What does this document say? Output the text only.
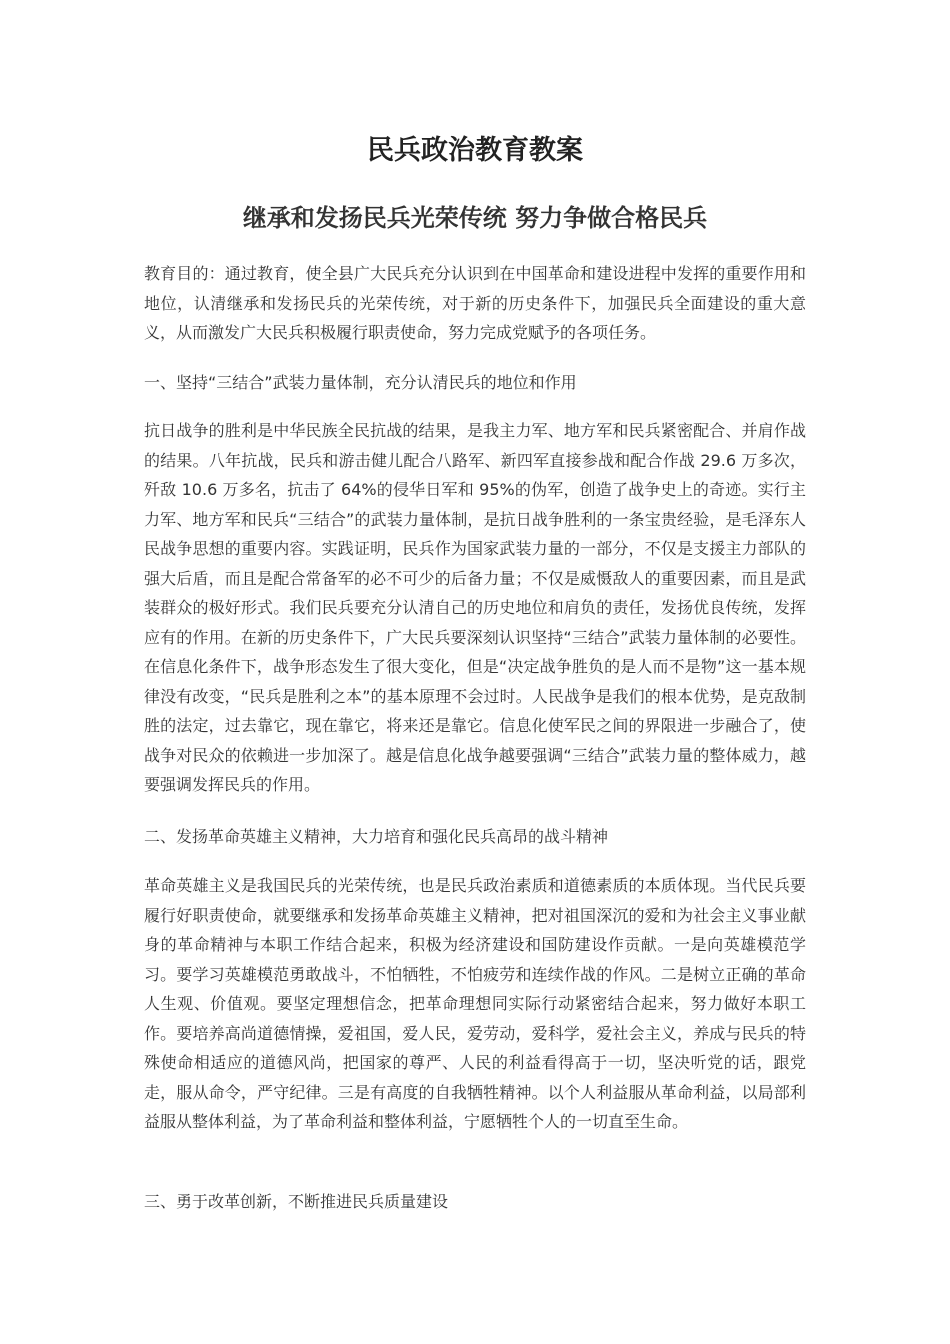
民兵政治教育教案
继承和发扬民兵光荣传统 努力争做合格民兵

教育目的：通过教育，使全县广大民兵充分认识到在中国革命和建设进程中发挥的重要作用和地位，认清继承和发扬民兵的光荣传统，对于新的历史条件下，加强民兵全面建设的重大意义，从而激发广大民兵积极履行职责使命，努力完成党赋予的各项任务。

一、坚持“三结合”武装力量体制，充分认清民兵的地位和作用

抗日战争的胜利是中华民族全民抗战的结果，是我主力军、地方军和民兵紧密配合、并肩作战的结果。八年抗战，民兵和游击健儿配合八路军、新四军直接参战和配合作战 29.6 万多次，歼敌 10.6 万多名，抗击了 64%的侵华日军和 95%的伪军，创造了战争史上的奇迹。实行主力军、地方军和民兵“三结合”的武装力量体制，是抗日战争胜利的一条宝贵经验，是毛泽东人民战争思想的重要内容。实践证明，民兵作为国家武装力量的一部分，不仅是支援主力部队的强大后盾，而且是配合常备军的必不可少的后备力量；不仅是威慑敌人的重要因素，而且是武装群众的极好形式。我们民兵要充分认清自己的历史地位和肩负的责任，发扬优良传统，发挥应有的作用。在新的历史条件下，广大民兵要深刻认识坚持“三结合”武装力量体制的必要性。在信息化条件下，战争形态发生了很大变化，但是“决定战争胜负的是人而不是物”这一基本规律没有改变，“民兵是胜利之本”的基本原理不会过时。人民战争是我们的根本优势，是克敌制胜的法定，过去靠它，现在靠它，将来还是靠它。信息化使军民之间的界限进一步融合了，使战争对民众的依赖进一步加深了。越是信息化战争越要强调“三结合”武装力量的整体威力，越要强调发挥民兵的作用。

二、发扬革命英雄主义精神，大力培育和强化民兵高昂的战斗精神

革命英雄主义是我国民兵的光荣传统，也是民兵政治素质和道德素质的本质体现。当代民兵要履行好职责使命，就要继承和发扬革命英雄主义精神，把对祖国深沉的爱和为社会主义事业献身的革命精神与本职工作结合起来，积极为经济建设和国防建设作贡献。一是向英雄模范学习。要学习英雄模范勇敢战斗，不怕牺牲，不怕疲劳和连续作战的作风。二是树立正确的革命人生观、价值观。要坚定理想信念，把革命理想同实际行动紧密结合起来，努力做好本职工作。要培养高尚道德情操，爱祖国，爱人民，爱劳动，爱科学，爱社会主义，养成与民兵的特殊使命相适应的道德风尚，把国家的尊严、人民的利益看得高于一切，坚决听党的话，跟党走，服从命令，严守纪律。三是有高度的自我牺牲精神。以个人利益服从革命利益，以局部利益服从整体利益，为了革命利益和整体利益，宁愿牺牲个人的一切直至生命。

三、勇于改革创新，不断推进民兵质量建设
